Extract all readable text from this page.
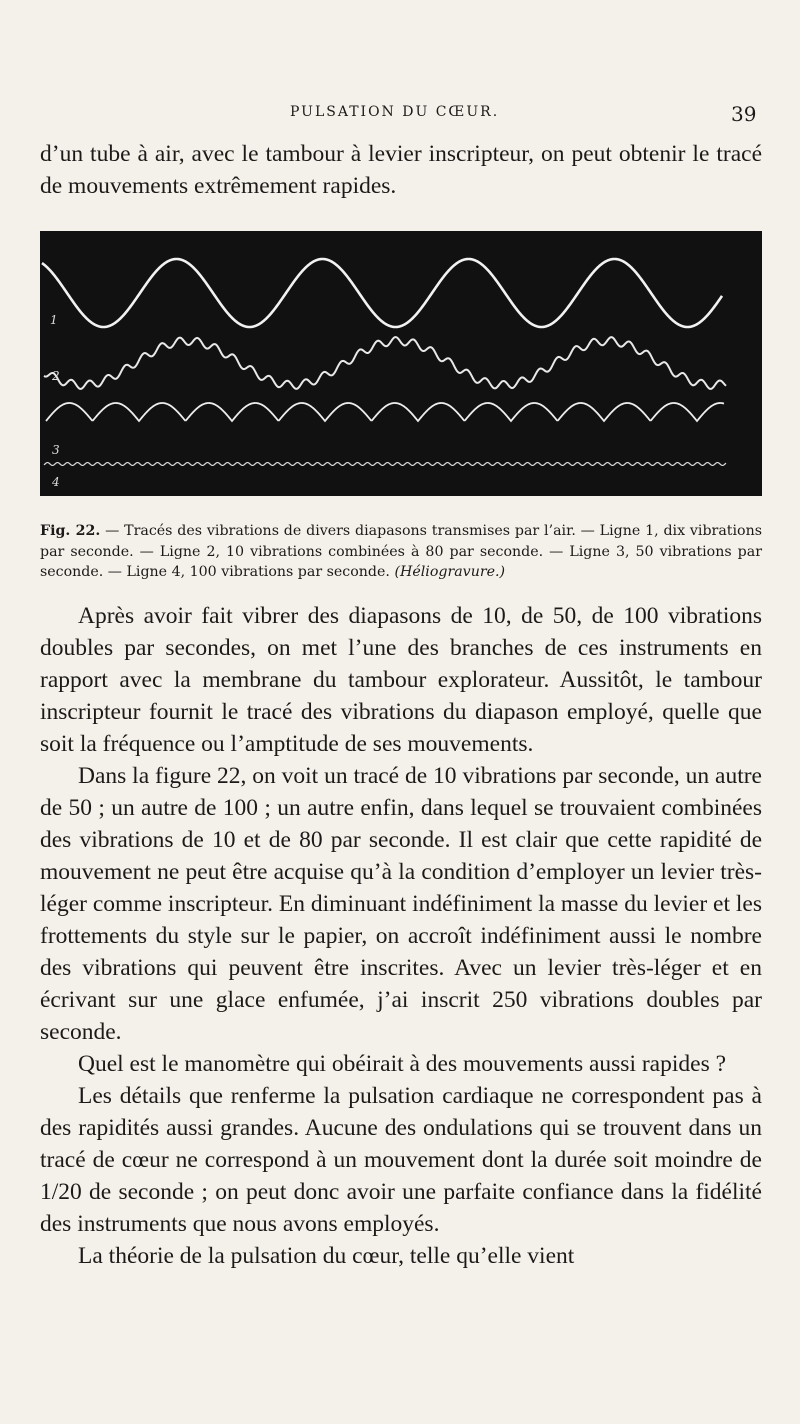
PULSATION DU CŒUR.	39

d’un tube à air, avec le tambour à levier inscripteur, on peut obtenir le tracé de mouvements extrêmement rapides.

1
2
3
4
Fig. 22. — Tracés des vibrations de divers diapasons transmises par l’air. — Ligne 1, dix vibrations par seconde. — Ligne 2, 10 vibrations combinées à 80 par seconde. — Ligne 3, 50 vibrations par seconde. — Ligne 4, 100 vibrations par seconde. (Héliogravure.)

Après avoir fait vibrer des diapasons de 10, de 50, de 100 vibrations doubles par secondes, on met l’une des branches de ces instruments en rapport avec la membrane du tambour explorateur. Aussitôt, le tambour inscripteur fournit le tracé des vibrations du diapason employé, quelle que soit la fréquence ou l’amptitude de ses mouvements.

Dans la figure 22, on voit un tracé de 10 vibrations par seconde, un autre de 50 ; un autre de 100 ; un autre enfin, dans lequel se trouvaient combinées des vibrations de 10 et de 80 par seconde. Il est clair que cette rapidité de mouvement ne peut être acquise qu’à la condition d’employer un levier très-léger comme inscripteur. En diminuant indéfiniment la masse du levier et les frottements du style sur le papier, on accroît indéfiniment aussi le nombre des vibrations qui peuvent être inscrites. Avec un levier très-léger et en écrivant sur une glace enfumée, j’ai inscrit 250 vibrations doubles par seconde.

Quel est le manomètre qui obéirait à des mouvements aussi rapides ?

Les détails que renferme la pulsation cardiaque ne correspondent pas à des rapidités aussi grandes. Aucune des ondulations qui se trouvent dans un tracé de cœur ne correspond à un mouvement dont la durée soit moindre de 1/20 de seconde ; on peut donc avoir une parfaite confiance dans la fidélité des instruments que nous avons employés.

La théorie de la pulsation du cœur, telle qu’elle vient
